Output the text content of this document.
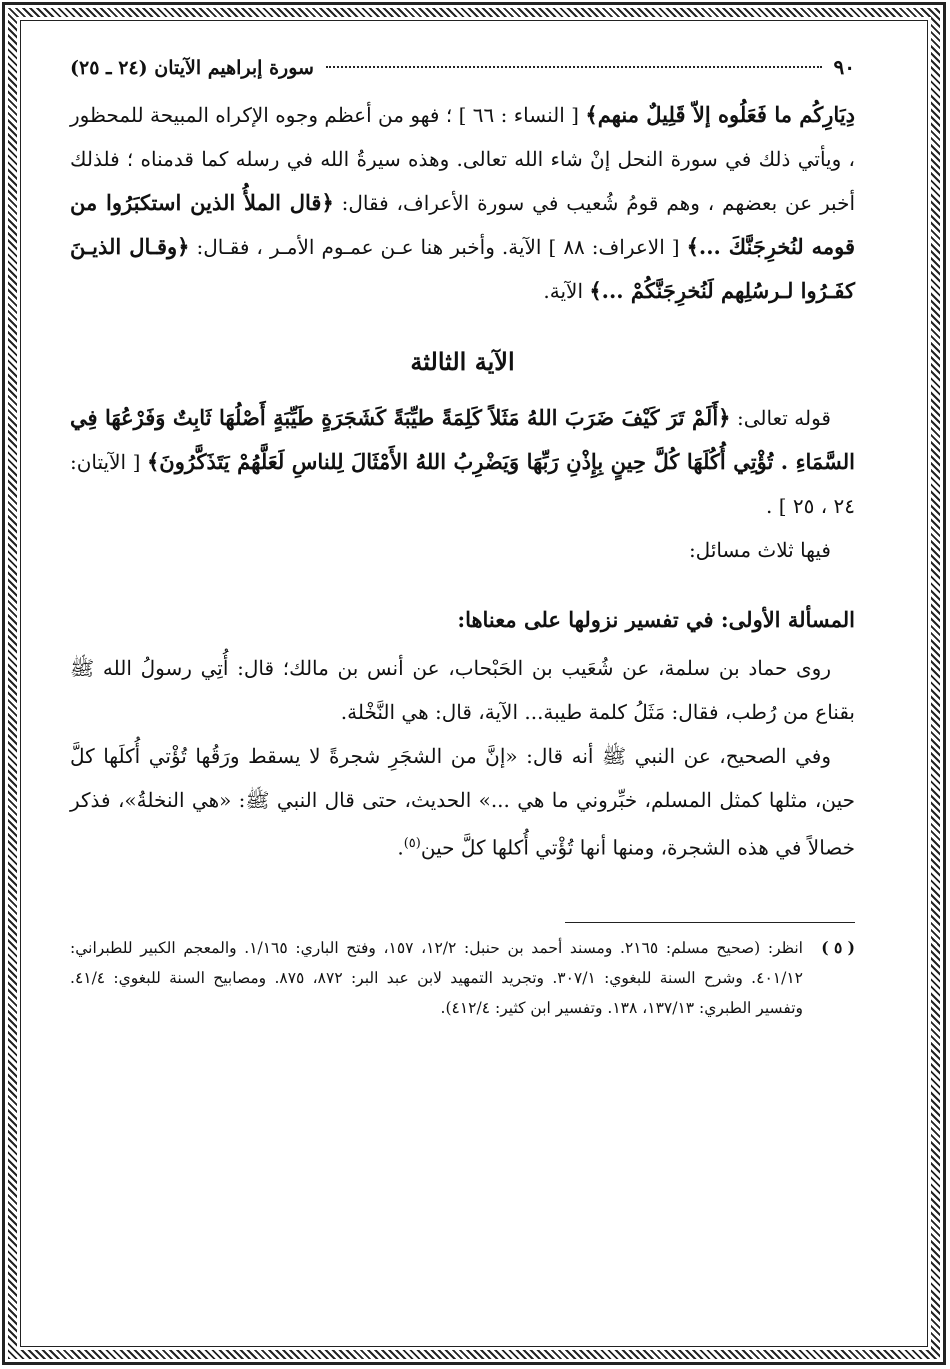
٩٠
سورة إبراهيم الآيتان (٢٤ ـ ٢٥)

دِيَارِكُم ما فَعَلُوه إلاّ قَلِيلٌ منهم﴾ [ النساء : ٦٦ ] ؛ فهو من أعظم وجوه الإكراه المبيحة للمحظور ، ويأتي ذلك في سورة النحل إنْ شاء الله تعالى. وهذه سيرةُ الله في رسله كما قدمناه ؛ فلذلك أخبر عن بعضهم ، وهم قومُ شُعيب في سورة الأعراف، فقال: ﴿قال الملأُ الذين استكبَرُوا من قومه لنُخرِجَنَّكَ ...﴾ [ الاعراف: ٨٨ ] الآية. وأخبر هنا عـن عمـوم الأمـر ، فقـال: ﴿وقـال الذيـنَ كفَـرُوا لـرسُلِهم لَنُخرِجَنَّكُمْ ...﴾ الآية.

الآية الثالثة

قوله تعالى: ﴿أَلَمْ تَرَ كَيْفَ ضَرَبَ اللهُ مَثَلاً كَلِمَةً طيِّبَةً كَشَجَرَةٍ طَيِّبَةٍ أَصْلُهَا ثَابِتٌ وَفَرْعُهَا فِي السَّمَاءِ . تُؤْتِي أُكُلَهَا كُلَّ حِينٍ بِإِذْنِ رَبِّهَا وَيَضْرِبُ اللهُ الأَمْثَالَ لِلناسِ لَعَلَّهُمْ يَتَذَكَّرُونَ﴾ [ الآيتان: ٢٤ ، ٢٥ ] .

فيها ثلاث مسائل:

المسألة الأولى: في تفسير نزولها على معناها:

روى حماد بن سلمة، عن شُعَيب بن الحَبْحاب، عن أنس بن مالك؛ قال: أُتِي رسولُ الله ﷺ بقناع من رُطب، فقال: مَثَلُ كلمة طيبة... الآية، قال: هي النَّخْلة.

وفي الصحيح، عن النبي ﷺ أنه قال: «إنَّ من الشجَرِ شجرةً لا يسقط ورَقُها تُؤْتي أُكلَها كلَّ حين، مثلها كمثل المسلم، خبِّروني ما هي ...» الحديث، حتى قال النبي ﷺ: «هي النخلةُ»، فذكر خصالاً في هذه الشجرة، ومنها أنها تُؤْتي أُكلها كلَّ حين$^{(٥)}$.

( ٥ )
انظر: (صحيح مسلم: ٢١٦٥. ومسند أحمد بن حنبل: ١٢/٢، ١٥٧، وفتح الباري: ١/١٦٥. والمعجم الكبير للطبراني: ٤٠١/١٢. وشرح السنة للبغوي: ٣٠٧/١. وتجريد التمهيد لابن عبد البر: ٨٧٢، ٨٧٥. ومصابيح السنة للبغوي: ٤١/٤. وتفسير الطبري: ١٣٧/١٣، ١٣٨. وتفسير ابن كثير: ٤١٢/٤).
